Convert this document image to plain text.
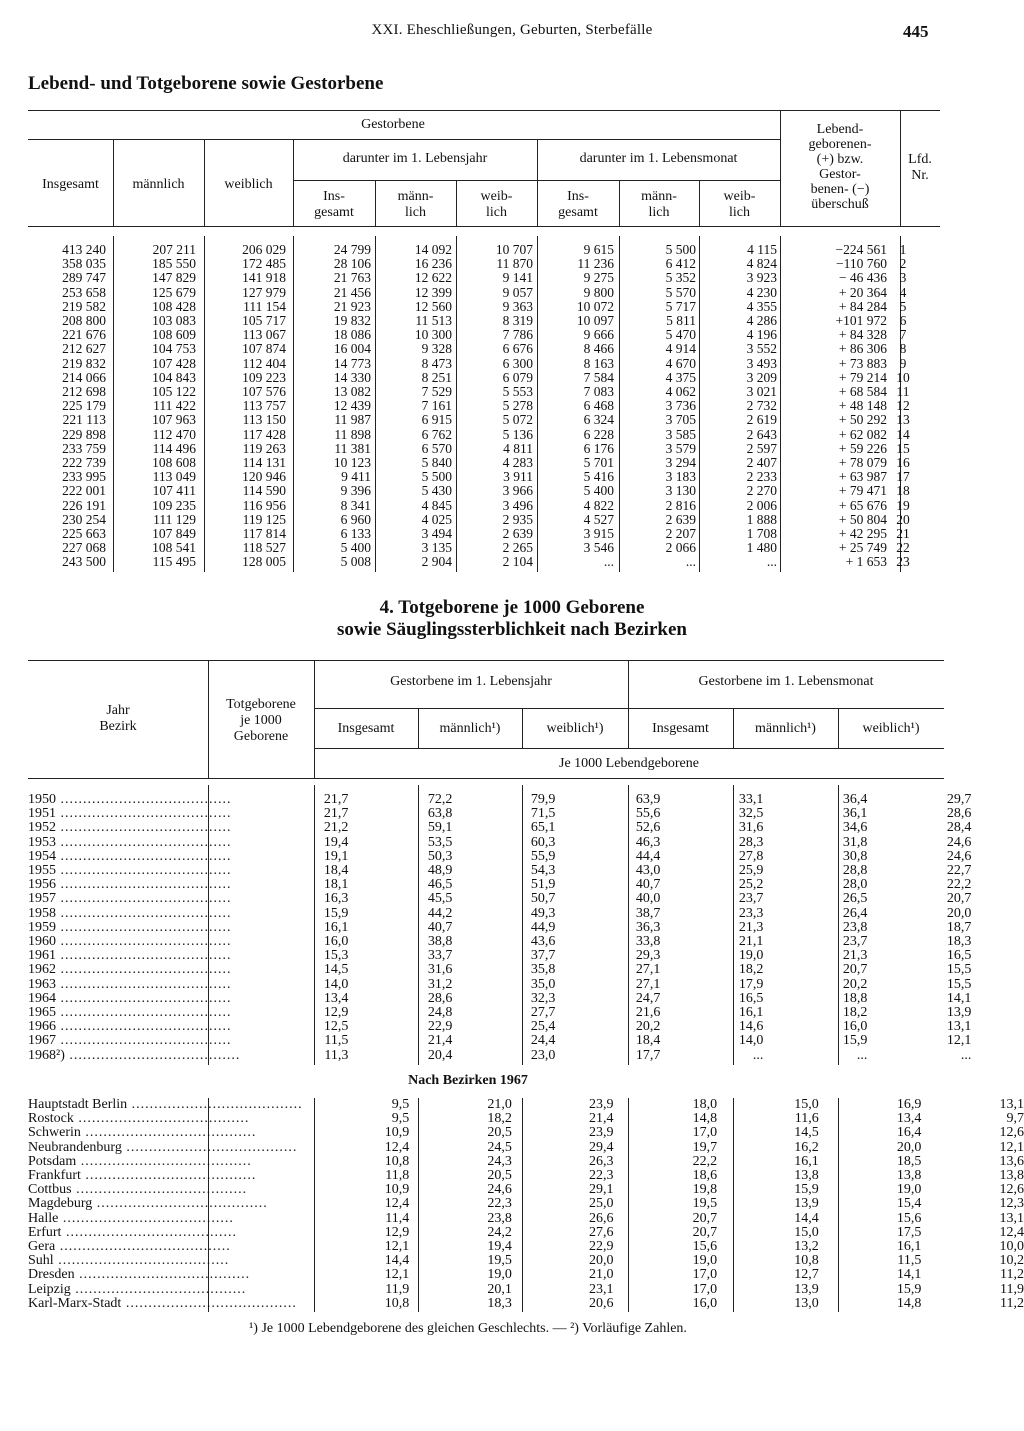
XXI. Eheschließungen, Geburten, Sterbefälle	445
Lebend- und Totgeborene sowie Gestorbene
Gestorbene
Insgesamt	männlich	weiblich
darunter im 1. Lebensjahr	darunter im 1. Lebensmonat
Ins-
gesamt
männ-
lich
weib-
lich
Ins-
gesamt
männ-
lich
weib-
lich
Lebend-
geborenen-
(+) bzw.
Gestor-
benen- (−)
überschuß
Lfd.
Nr.
413 240	207 211	206 029	24 799	14 092	10 707	9 615	5 500	4 115	−224 561	1
358 035	185 550	172 485	28 106	16 236	11 870	11 236	6 412	4 824	−110 760	2
289 747	147 829	141 918	21 763	12 622	9 141	9 275	5 352	3 923	− 46 436	3
253 658	125 679	127 979	21 456	12 399	9 057	9 800	5 570	4 230	+ 20 364	4
219 582	108 428	111 154	21 923	12 560	9 363	10 072	5 717	4 355	+ 84 284	5
208 800	103 083	105 717	19 832	11 513	8 319	10 097	5 811	4 286	+101 972	6
221 676	108 609	113 067	18 086	10 300	7 786	9 666	5 470	4 196	+ 84 328	7
212 627	104 753	107 874	16 004	9 328	6 676	8 466	4 914	3 552	+ 86 306	8
219 832	107 428	112 404	14 773	8 473	6 300	8 163	4 670	3 493	+ 73 883	9
214 066	104 843	109 223	14 330	8 251	6 079	7 584	4 375	3 209	+ 79 214	10
212 698	105 122	107 576	13 082	7 529	5 553	7 083	4 062	3 021	+ 68 584	11
225 179	111 422	113 757	12 439	7 161	5 278	6 468	3 736	2 732	+ 48 148	12
221 113	107 963	113 150	11 987	6 915	5 072	6 324	3 705	2 619	+ 50 292	13
229 898	112 470	117 428	11 898	6 762	5 136	6 228	3 585	2 643	+ 62 082	14
233 759	114 496	119 263	11 381	6 570	4 811	6 176	3 579	2 597	+ 59 226	15
222 739	108 608	114 131	10 123	5 840	4 283	5 701	3 294	2 407	+ 78 079	16
233 995	113 049	120 946	9 411	5 500	3 911	5 416	3 183	2 233	+ 63 987	17
222 001	107 411	114 590	9 396	5 430	3 966	5 400	3 130	2 270	+ 79 471	18
226 191	109 235	116 956	8 341	4 845	3 496	4 822	2 816	2 006	+ 65 676	19
230 254	111 129	119 125	6 960	4 025	2 935	4 527	2 639	1 888	+ 50 804	20
225 663	107 849	117 814	6 133	3 494	2 639	3 915	2 207	1 708	+ 42 295	21
227 068	108 541	118 527	5 400	3 135	2 265	3 546	2 066	1 480	+ 25 749	22
243 500	115 495	128 005	5 008	2 904	2 104	...	...	...	+ 1 653	23
4. Totgeborene je 1000 Geborene
sowie Säuglingssterblichkeit nach Bezirken
Jahr
Bezirk
Totgeborene
je 1000
Geborene
Gestorbene im 1. Lebensjahr	Gestorbene im 1. Lebensmonat
Insgesamt	männlich¹)	weiblich¹)	Insgesamt	männlich¹)	weiblich¹)
Je 1000 Lebendgeborene
1950 .....	21,7	72,2	79,9	63,9	33,1	36,4	29,7
1951 .....	21,7	63,8	71,5	55,6	32,5	36,1	28,6
1952 .....	21,2	59,1	65,1	52,6	31,6	34,6	28,4
1953 .....	19,4	53,5	60,3	46,3	28,3	31,8	24,6
1954 .....	19,1	50,3	55,9	44,4	27,8	30,8	24,6
1955 .....	18,4	48,9	54,3	43,0	25,9	28,8	22,7
1956 .....	18,1	46,5	51,9	40,7	25,2	28,0	22,2
1957 .....	16,3	45,5	50,7	40,0	23,7	26,5	20,7
1958 .....	15,9	44,2	49,3	38,7	23,3	26,4	20,0
1959 .....	16,1	40,7	44,9	36,3	21,3	23,8	18,7
1960 .....	16,0	38,8	43,6	33,8	21,1	23,7	18,3
1961 .....	15,3	33,7	37,7	29,3	19,0	21,3	16,5
1962 .....	14,5	31,6	35,8	27,1	18,2	20,7	15,5
1963 .....	14,0	31,2	35,0	27,1	17,9	20,2	15,5
1964 .....	13,4	28,6	32,3	24,7	16,5	18,8	14,1
1965 .....	12,9	24,8	27,7	21,6	16,1	18,2	13,9
1966 .....	12,5	22,9	25,4	20,2	14,6	16,0	13,1
1967 .....	11,5	21,4	24,4	18,4	14,0	15,9	12,1
1968²) .....	11,3	20,4	23,0	17,7	...	...	...
Nach Bezirken 1967
Hauptstadt Berlin .....	9,5	21,0	23,9	18,0	15,0	16,9	13,1
Rostock .....	9,5	18,2	21,4	14,8	11,6	13,4	9,7
Schwerin .....	10,9	20,5	23,9	17,0	14,5	16,4	12,6
Neubrandenburg .....	12,4	24,5	29,4	19,7	16,2	20,0	12,1
Potsdam .....	10,8	24,3	26,3	22,2	16,1	18,5	13,6
Frankfurt .....	11,8	20,5	22,3	18,6	13,8	13,8	13,8
Cottbus .....	10,9	24,6	29,1	19,8	15,9	19,0	12,6
Magdeburg .....	12,4	22,3	25,0	19,5	13,9	15,4	12,3
Halle .....	11,4	23,8	26,6	20,7	14,4	15,6	13,1
Erfurt .....	12,9	24,2	27,6	20,7	15,0	17,5	12,4
Gera .....	12,1	19,4	22,9	15,6	13,2	16,1	10,0
Suhl .....	14,4	19,5	20,0	19,0	10,8	11,5	10,2
Dresden .....	12,1	19,0	21,0	17,0	12,7	14,1	11,2
Leipzig .....	11,9	20,1	23,1	17,0	13,9	15,9	11,9
Karl-Marx-Stadt .....	10,8	18,3	20,6	16,0	13,0	14,8	11,2
¹) Je 1000 Lebendgeborene des gleichen Geschlechts. — ²) Vorläufige Zahlen.
